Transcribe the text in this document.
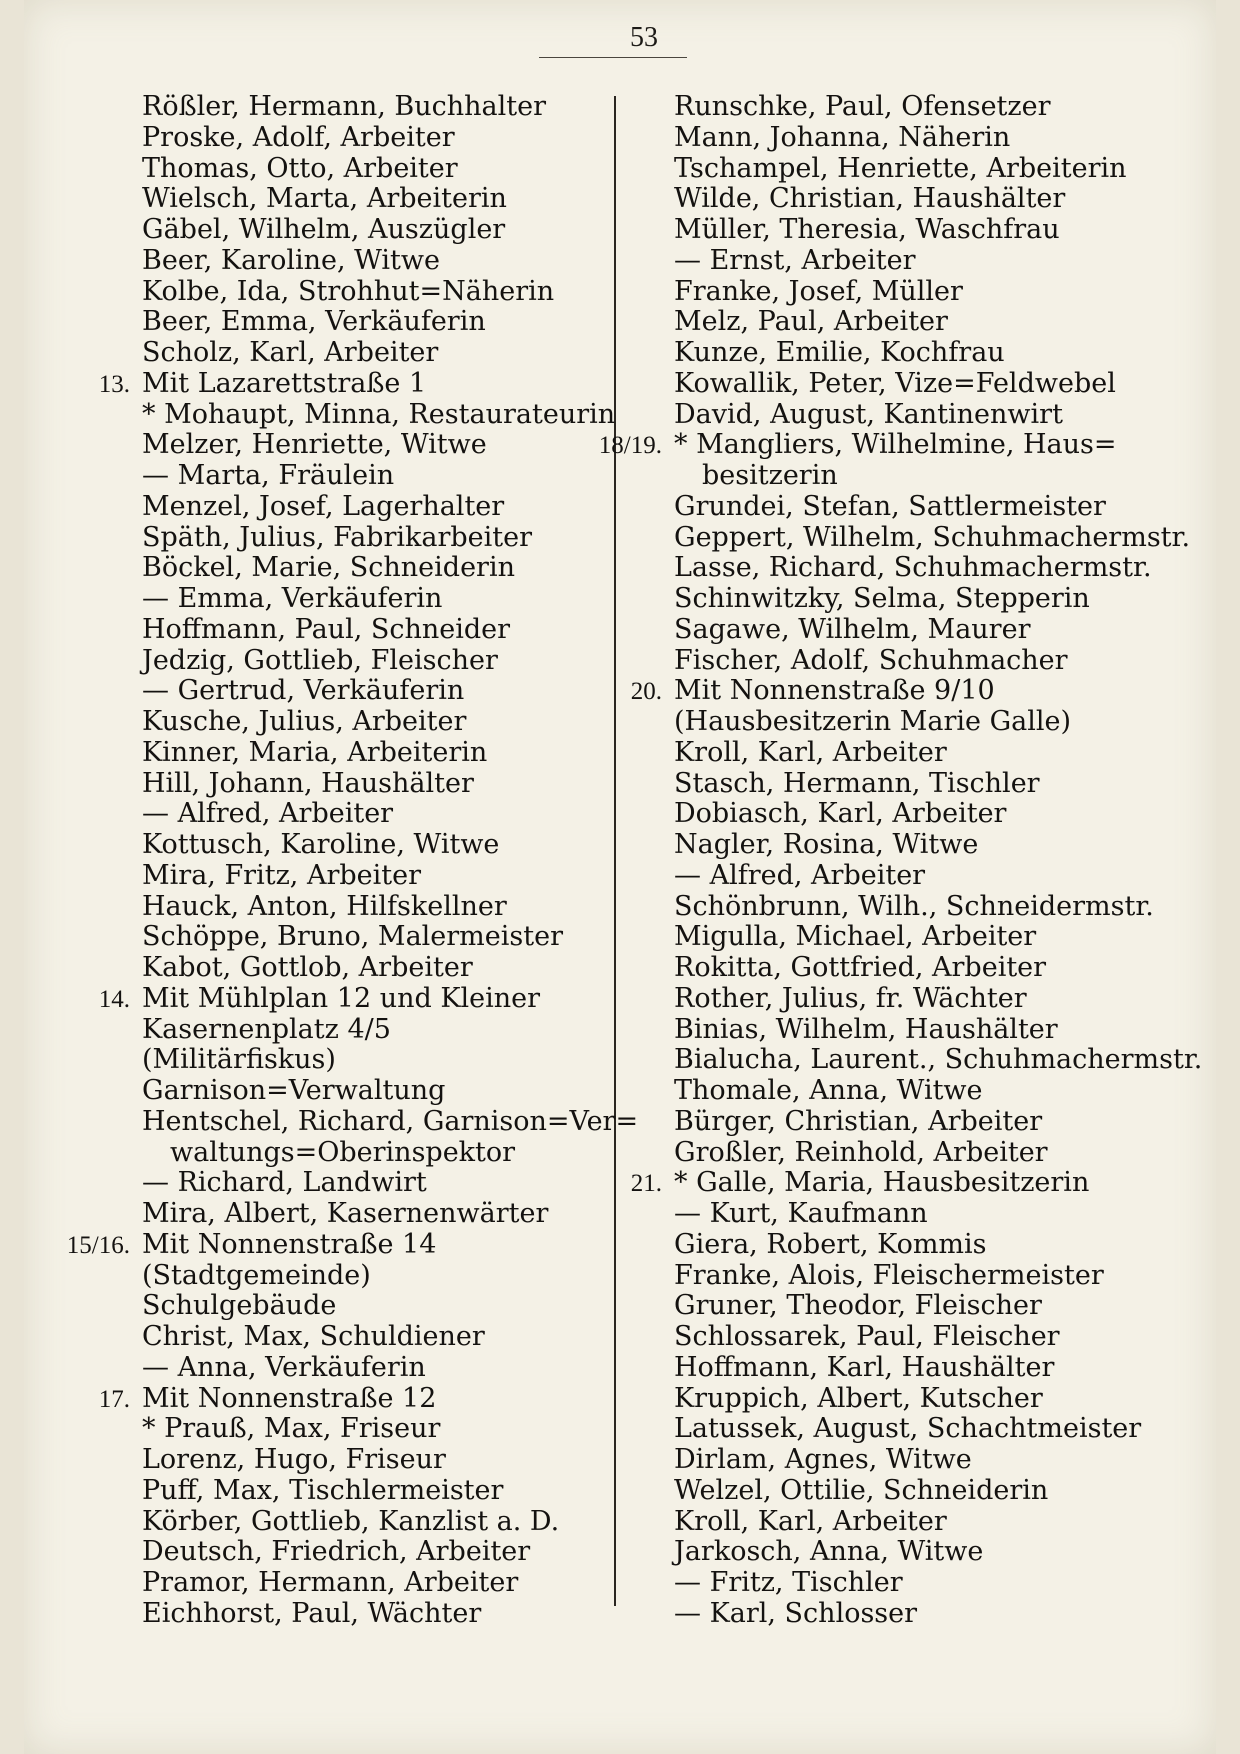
53
Rößler, Hermann, Buchhalter
Proske, Adolf, Arbeiter
Thomas, Otto, Arbeiter
Wielsch, Marta, Arbeiterin
Gäbel, Wilhelm, Auszügler
Beer, Karoline, Witwe
Kolbe, Ida, Strohhut=Näherin
Beer, Emma, Verkäuferin
Scholz, Karl, Arbeiter
13. Mit Lazarettstraße 1
* Mohaupt, Minna, Restaurateurin
Melzer, Henriette, Witwe
— Marta, Fräulein
Menzel, Josef, Lagerhalter
Späth, Julius, Fabrikarbeiter
Böckel, Marie, Schneiderin
— Emma, Verkäuferin
Hoffmann, Paul, Schneider
Jedzig, Gottlieb, Fleischer
— Gertrud, Verkäuferin
Kusche, Julius, Arbeiter
Kinner, Maria, Arbeiterin
Hill, Johann, Haushälter
— Alfred, Arbeiter
Kottusch, Karoline, Witwe
Mira, Fritz, Arbeiter
Hauck, Anton, Hilfskellner
Schöppe, Bruno, Malermeister
Kabot, Gottlob, Arbeiter
14. Mit Mühlplan 12 und Kleiner
Kasernenplatz 4/5
(Militärfiskus)
Garnison=Verwaltung
Hentschel, Richard, Garnison=Ver=
waltungs=Oberinspektor
— Richard, Landwirt
Mira, Albert, Kasernenwärter
15/16. Mit Nonnenstraße 14
(Stadtgemeinde)
Schulgebäude
Christ, Max, Schuldiener
— Anna, Verkäuferin
17. Mit Nonnenstraße 12
* Prauß, Max, Friseur
Lorenz, Hugo, Friseur
Puff, Max, Tischlermeister
Körber, Gottlieb, Kanzlist a. D.
Deutsch, Friedrich, Arbeiter
Pramor, Hermann, Arbeiter
Eichhorst, Paul, Wächter
Runschke, Paul, Ofensetzer
Mann, Johanna, Näherin
Tschampel, Henriette, Arbeiterin
Wilde, Christian, Haushälter
Müller, Theresia, Waschfrau
— Ernst, Arbeiter
Franke, Josef, Müller
Melz, Paul, Arbeiter
Kunze, Emilie, Kochfrau
Kowallik, Peter, Vize=Feldwebel
David, August, Kantinenwirt
18/19. * Mangliers, Wilhelmine, Haus=
besitzerin
Grundei, Stefan, Sattlermeister
Geppert, Wilhelm, Schuhmachermstr.
Lasse, Richard, Schuhmachermstr.
Schinwitzky, Selma, Stepperin
Sagawe, Wilhelm, Maurer
Fischer, Adolf, Schuhmacher
20. Mit Nonnenstraße 9/10
(Hausbesitzerin Marie Galle)
Kroll, Karl, Arbeiter
Stasch, Hermann, Tischler
Dobiasch, Karl, Arbeiter
Nagler, Rosina, Witwe
— Alfred, Arbeiter
Schönbrunn, Wilh., Schneidermstr.
Migulla, Michael, Arbeiter
Rokitta, Gottfried, Arbeiter
Rother, Julius, fr. Wächter
Binias, Wilhelm, Haushälter
Bialucha, Laurent., Schuhmachermstr.
Thomale, Anna, Witwe
Bürger, Christian, Arbeiter
Großler, Reinhold, Arbeiter
21. * Galle, Maria, Hausbesitzerin
— Kurt, Kaufmann
Giera, Robert, Kommis
Franke, Alois, Fleischermeister
Gruner, Theodor, Fleischer
Schlossarek, Paul, Fleischer
Hoffmann, Karl, Haushälter
Kruppich, Albert, Kutscher
Latussek, August, Schachtmeister
Dirlam, Agnes, Witwe
Welzel, Ottilie, Schneiderin
Kroll, Karl, Arbeiter
Jarkosch, Anna, Witwe
— Fritz, Tischler
— Karl, Schlosser
